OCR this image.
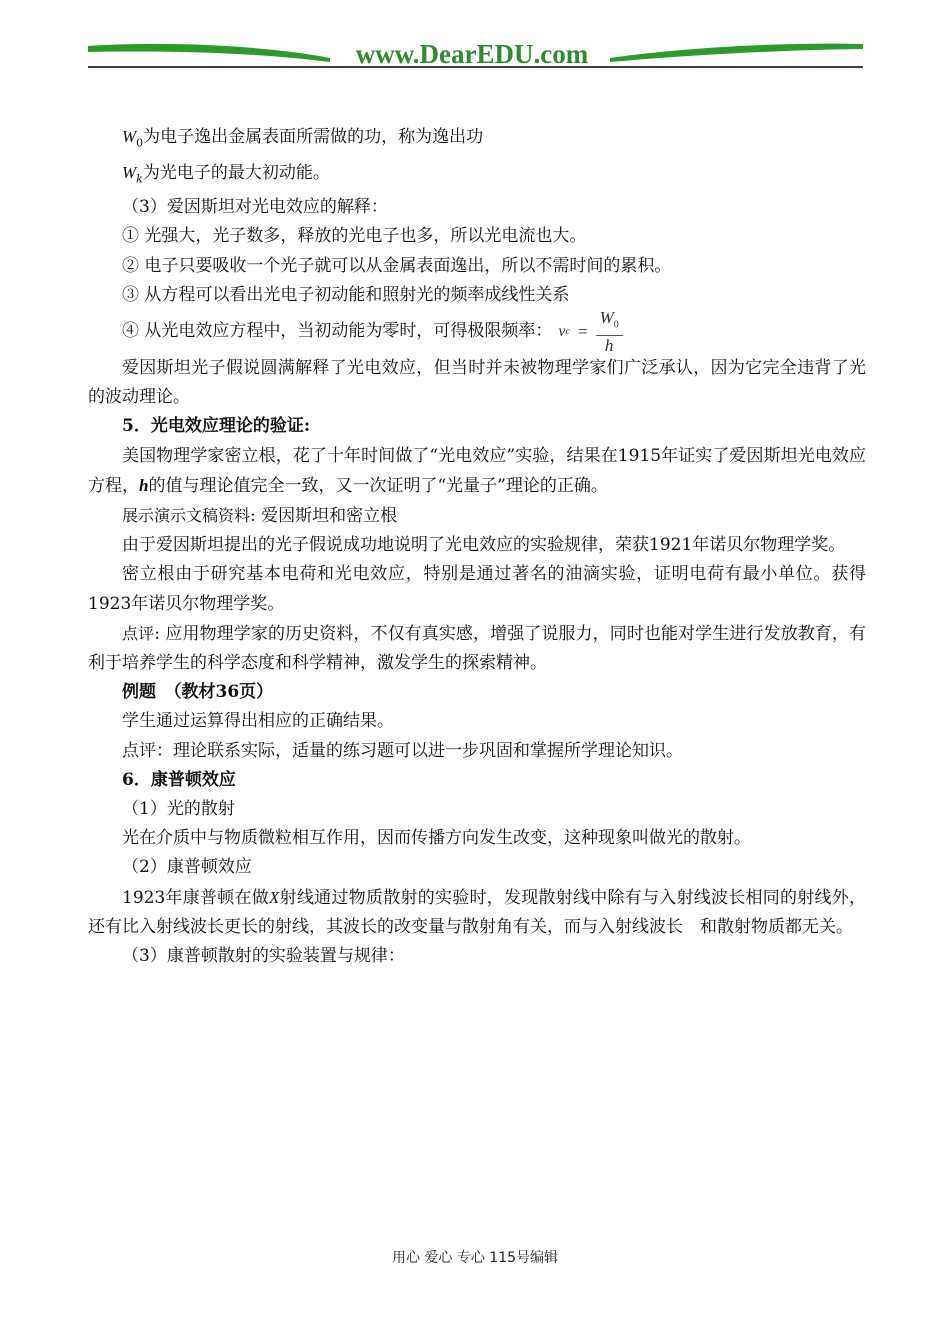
www.DearEDU.com

$W_0$为电子逸出金属表面所需做的功，称为逸出功

$W_k$为光电子的最大初动能。

（3）爱因斯坦对光电效应的解释：

① 光强大，光子数多，释放的光电子也多，所以光电流也大。

② 电子只要吸收一个光子就可以从金属表面逸出，所以不需时间的累积。

③ 从方程可以看出光电子初动能和照射光的频率成线性关系

④ 从光电效应方程中，当初动能为零时，可得极限频率： ν $c = \frac{W_0}{h}$

爱因斯坦光子假说圆满解释了光电效应，但当时并未被物理学家们广泛承认，因为它完全违背了光的波动理论。

5．光电效应理论的验证:

美国物理学家密立根，花了十年时间做了“光电效应”实验，结果在1915年证实了爱因斯坦光电效应方程，h的值与理论值完全一致，又一次证明了“光量子”理论的正确。

展示演示文稿资料: 爱因斯坦和密立根

由于爱因斯坦提出的光子假说成功地说明了光电效应的实验规律，荣获1921年诺贝尔物理学奖。

密立根由于研究基本电荷和光电效应，特别是通过著名的油滴实验，证明电荷有最小单位。获得1923年诺贝尔物理学奖。

点评: 应用物理学家的历史资料，不仅有真实感，增强了说服力，同时也能对学生进行发放教育，有利于培养学生的科学态度和科学精神，激发学生的探索精神。

例题　（教材36页）

学生通过运算得出相应的正确结果。

点评：理论联系实际，适量的练习题可以进一步巩固和掌握所学理论知识。

6．康普顿效应

（1）光的散射

光在介质中与物质微粒相互作用，因而传播方向发生改变，这种现象叫做光的散射。

（2）康普顿效应

1923年康普顿在做X射线通过物质散射的实验时，发现散射线中除有与入射线波长相同的射线外，还有比入射线波长更长的射线，其波长的改变量与散射角有关，而与入射线波长　和散射物质都无关。

（3）康普顿散射的实验装置与规律：

用心 爱心 专心 115号编辑
